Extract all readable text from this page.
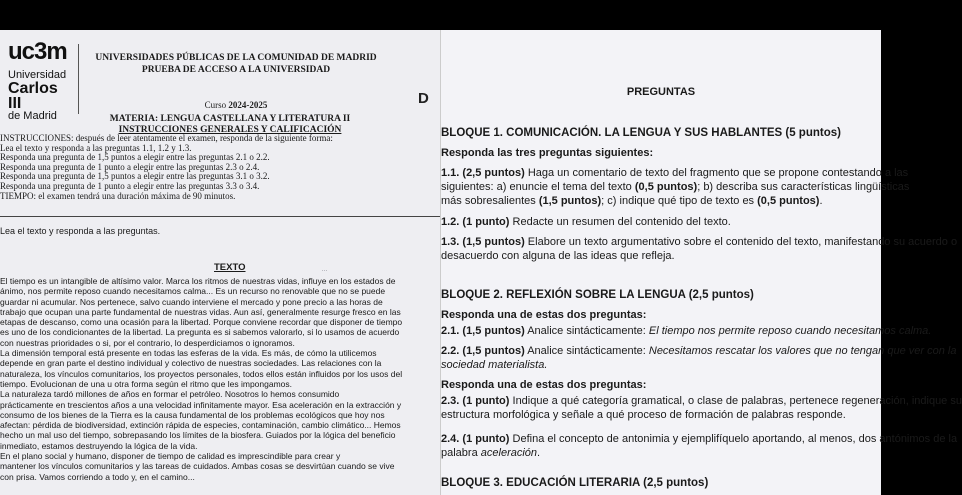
uc3m
Universidad
Carlos III
de Madrid
UNIVERSIDADES PÚBLICAS DE LA COMUNIDAD DE MADRID
PRUEBA DE ACCESO A LA UNIVERSIDAD
Curso 2024-2025
MATERIA: LENGUA CASTELLANA Y LITERATURA II
INSTRUCCIONES GENERALES Y CALIFICACIÓN
D
INSTRUCCIONES: después de leer atentamente el examen, responda de la siguiente forma:
Lea el texto y responda a las preguntas 1.1, 1.2 y 1.3.
Responda una pregunta de 1,5 puntos a elegir entre las preguntas 2.1 o 2.2.
Responda una pregunta de 1 punto a elegir entre las preguntas 2.3 o 2.4.
Responda una pregunta de 1,5 puntos a elegir entre las preguntas 3.1 o 3.2.
Responda una pregunta de 1 punto a elegir entre las preguntas 3.3 o 3.4.
TIEMPO: el examen tendrá una duración máxima de 90 minutos.
Lea el texto y responda a las preguntas.
TEXTO	...
El tiempo es un intangible de altísimo valor. Marca los ritmos de nuestras vidas, influye en los estados de
ánimo, nos permite reposo cuando necesitamos calma... Es un recurso no renovable que no se puede
guardar ni acumular. Nos pertenece, salvo cuando interviene el mercado y pone precio a las horas de
trabajo que ocupan una parte fundamental de nuestras vidas. Aun así, generalmente resurge fresco en las
etapas de descanso, como una ocasión para la libertad. Porque conviene recordar que disponer de tiempo
es uno de los condicionantes de la libertad. La pregunta es si sabemos valorarlo, si lo usamos de acuerdo
con nuestras prioridades o si, por el contrario, lo desperdiciamos o ignoramos.
La dimensión temporal está presente en todas las esferas de la vida. Es más, de cómo la utilicemos
depende en gran parte el destino individual y colectivo de nuestras sociedades. Las relaciones con la
naturaleza, los vínculos comunitarios, los proyectos personales, todos ellos están influidos por los usos del
tiempo. Evolucionan de una u otra forma según el ritmo que les impongamos.
La naturaleza tardó millones de años en formar el petróleo. Nosotros lo hemos consumido
prácticamente en trescientos años a una velocidad infinitamente mayor. Esa aceleración en la extracción y
consumo de los bienes de la Tierra es la causa fundamental de los problemas ecológicos que hoy nos
afectan: pérdida de biodiversidad, extinción rápida de especies, contaminación, cambio climático... Hemos
hecho un mal uso del tiempo, sobrepasando los límites de la biosfera. Guiados por la lógica del beneficio
inmediato, estamos destruyendo la lógica de la vida.
En el plano social y humano, disponer de tiempo de calidad es imprescindible para crear y
mantener los vínculos comunitarios y las tareas de cuidados. Ambas cosas se desvirtúan cuando se vive
con prisa. Vamos corriendo a todo y, en el camino...
PREGUNTAS
BLOQUE 1. COMUNICACIÓN. LA LENGUA Y SUS HABLANTES (5 puntos)
Responda las tres preguntas siguientes:
1.1. (2,5 puntos) Haga un comentario de texto del fragmento que se propone contestando a las
siguientes: a) enuncie el tema del texto (0,5 puntos); b) describa sus características lingüísticas
más sobresalientes (1,5 puntos); c) indique qué tipo de texto es (0,5 puntos).
1.2. (1 punto) Redacte un resumen del contenido del texto.
1.3. (1,5 puntos) Elabore un texto argumentativo sobre el contenido del texto, manifestando su acuerdo o
desacuerdo con alguna de las ideas que refleja.
BLOQUE 2. REFLEXIÓN SOBRE LA LENGUA (2,5 puntos)
Responda una de estas dos preguntas:
2.1. (1,5 puntos) Analice sintácticamente: El tiempo nos permite reposo cuando necesitamos calma.
2.2. (1,5 puntos) Analice sintácticamente: Necesitamos rescatar los valores que no tengan que ver con la
sociedad materialista.
Responda una de estas dos preguntas:
2.3. (1 punto) Indique a qué categoría gramatical, o clase de palabras, pertenece regeneración, indique su
estructura morfológica y señale a qué proceso de formación de palabras responde.
2.4. (1 punto) Defina el concepto de antonimia y ejemplifíquelo aportando, al menos, dos antónimos de la
palabra aceleración.
BLOQUE 3. EDUCACIÓN LITERARIA (2,5 puntos)
